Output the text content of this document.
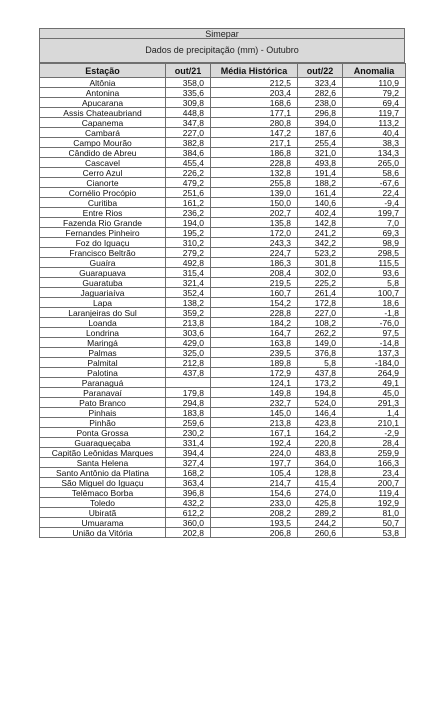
Simepar
Dados de precipitação (mm) - Outubro
Estação	out/21	Média Histórica	out/22	Anomalia
Altônia	358,0	212,5	323,4	110,9
Antonina	335,6	203,4	282,6	79,2
Apucarana	309,8	168,6	238,0	69,4
Assis Chateaubriand	448,8	177,1	296,8	119,7
Capanema	347,8	280,8	394,0	113,2
Cambará	227,0	147,2	187,6	40,4
Campo Mourão	382,8	217,1	255,4	38,3
Cândido de Abreu	384,6	186,8	321,0	134,3
Cascavel	455,4	228,8	493,8	265,0
Cerro Azul	226,2	132,8	191,4	58,6
Cianorte	479,2	255,8	188,2	-67,6
Cornélio Procópio	251,6	139,0	161,4	22,4
Curitiba	161,2	150,0	140,6	-9,4
Entre Rios	236,2	202,7	402,4	199,7
Fazenda Rio Grande	194,0	135,8	142,8	7,0
Fernandes Pinheiro	195,2	172,0	241,2	69,3
Foz do Iguaçu	310,2	243,3	342,2	98,9
Francisco Beltrão	279,2	224,7	523,2	298,5
Guaíra	492,8	186,3	301,8	115,5
Guarapuava	315,4	208,4	302,0	93,6
Guaratuba	321,4	219,5	225,2	5,8
Jaguariaíva	352,4	160,7	261,4	100,7
Lapa	138,2	154,2	172,8	18,6
Laranjeiras do Sul	359,2	228,8	227,0	-1,8
Loanda	213,8	184,2	108,2	-76,0
Londrina	303,6	164,7	262,2	97,5
Maringá	429,0	163,8	149,0	-14,8
Palmas	325,0	239,5	376,8	137,3
Palmital	212,8	189,8	5,8	-184,0
Palotina	437,8	172,9	437,8	264,9
Paranaguá		124,1	173,2	49,1
Paranavaí	179,8	149,8	194,8	45,0
Pato Branco	294,8	232,7	524,0	291,3
Pinhais	183,8	145,0	146,4	1,4
Pinhão	259,6	213,8	423,8	210,1
Ponta Grossa	230,2	167,1	164,2	-2,9
Guaraqueçaba	331,4	192,4	220,8	28,4
Capitão Leônidas Marques	394,4	224,0	483,8	259,9
Santa Helena	327,4	197,7	364,0	166,3
Santo Antônio da Platina	168,2	105,4	128,8	23,4
São Miguel do Iguaçu	363,4	214,7	415,4	200,7
Telêmaco Borba	396,8	154,6	274,0	119,4
Toledo	432,2	233,0	425,8	192,9
Ubiratã	612,2	208,2	289,2	81,0
Umuarama	360,0	193,5	244,2	50,7
União da Vitória	202,8	206,8	260,6	53,8
